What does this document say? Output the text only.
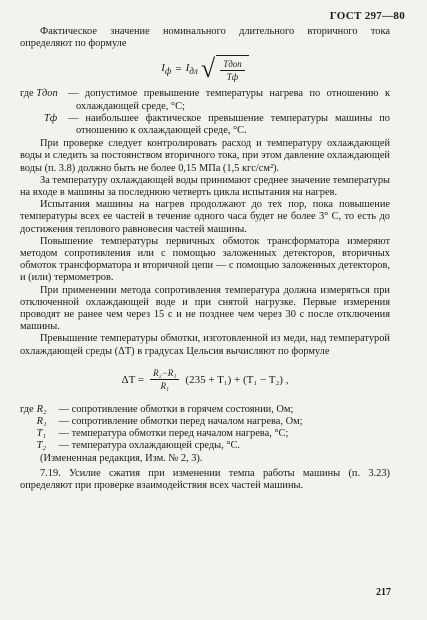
ГОСТ 297—80

Фактическое значение номинального длительного вторичного тока определяют по формуле

$I_ф = I_{дл}$ √ $\frac{\text{Tдоп}}{Tф}$
где Tдоп — допустимое превышение температуры нагрева по отношению к охлаждающей среде, °С;
Tф	— наибольшее фактическое превышение температуры машины по отношению к охлаждающей среде, °С.

При проверке следует контролировать расход и температуру охлаждающей воды и следить за постоянством вторичного тока, при этом давление охлаждающей воды (п. 3.8) должно быть не более 0,15 МПа (1,5 кгс/см²).

За температуру охлаждающей воды принимают среднее значение температуры на входе в машины за последнюю четверть цикла испытания на нагрев.

Испытания машины на нагрев продолжают до тех пор, пока повышение температуры всех ее частей в течение одного часа будет не более 3° С, то есть до достижения теплового равновесия частей машины.

Повышение температуры первичных обмоток трансформатора измеряют методом сопротивления или с помощью заложенных детекторов, вторичных обмоток трансформатора и вторичной цепи — с помощью заложенных детекторов, и (или) термометров.

При применении метода сопротивления температура должна измеряться при отключенной охлаждающей воде и при снятой нагрузке. Первые измерения проводят не ранее чем через 15 с и не позднее чем через 30 с после отключения машины.

Превышение температуры обмотки, изготовленной из меди, над температурой охлаждающей среды (ΔT) в градусах Цельсия вычисляют по формуле

$\Delta T = \frac{\text{R₂−R₁}}{\text{R₁}} (235 + T_1) + (T_1 - T_2)$ ,
где R₂ — сопротивление обмотки в горячем состоянии, Ом;
R₁ — сопротивление обмотки перед началом нагрева, Ом;
T₁ — температура обмотки перед началом нагрева, °С;
T₂ — температура охлаждающей среды, °С.
(Измененная редакция, Изм. № 2, 3).

7.19. Усилие сжатия при изменении темпа работы машины (п. 3.23) определяют при проверке взаимодействия всех частей машины.

217
